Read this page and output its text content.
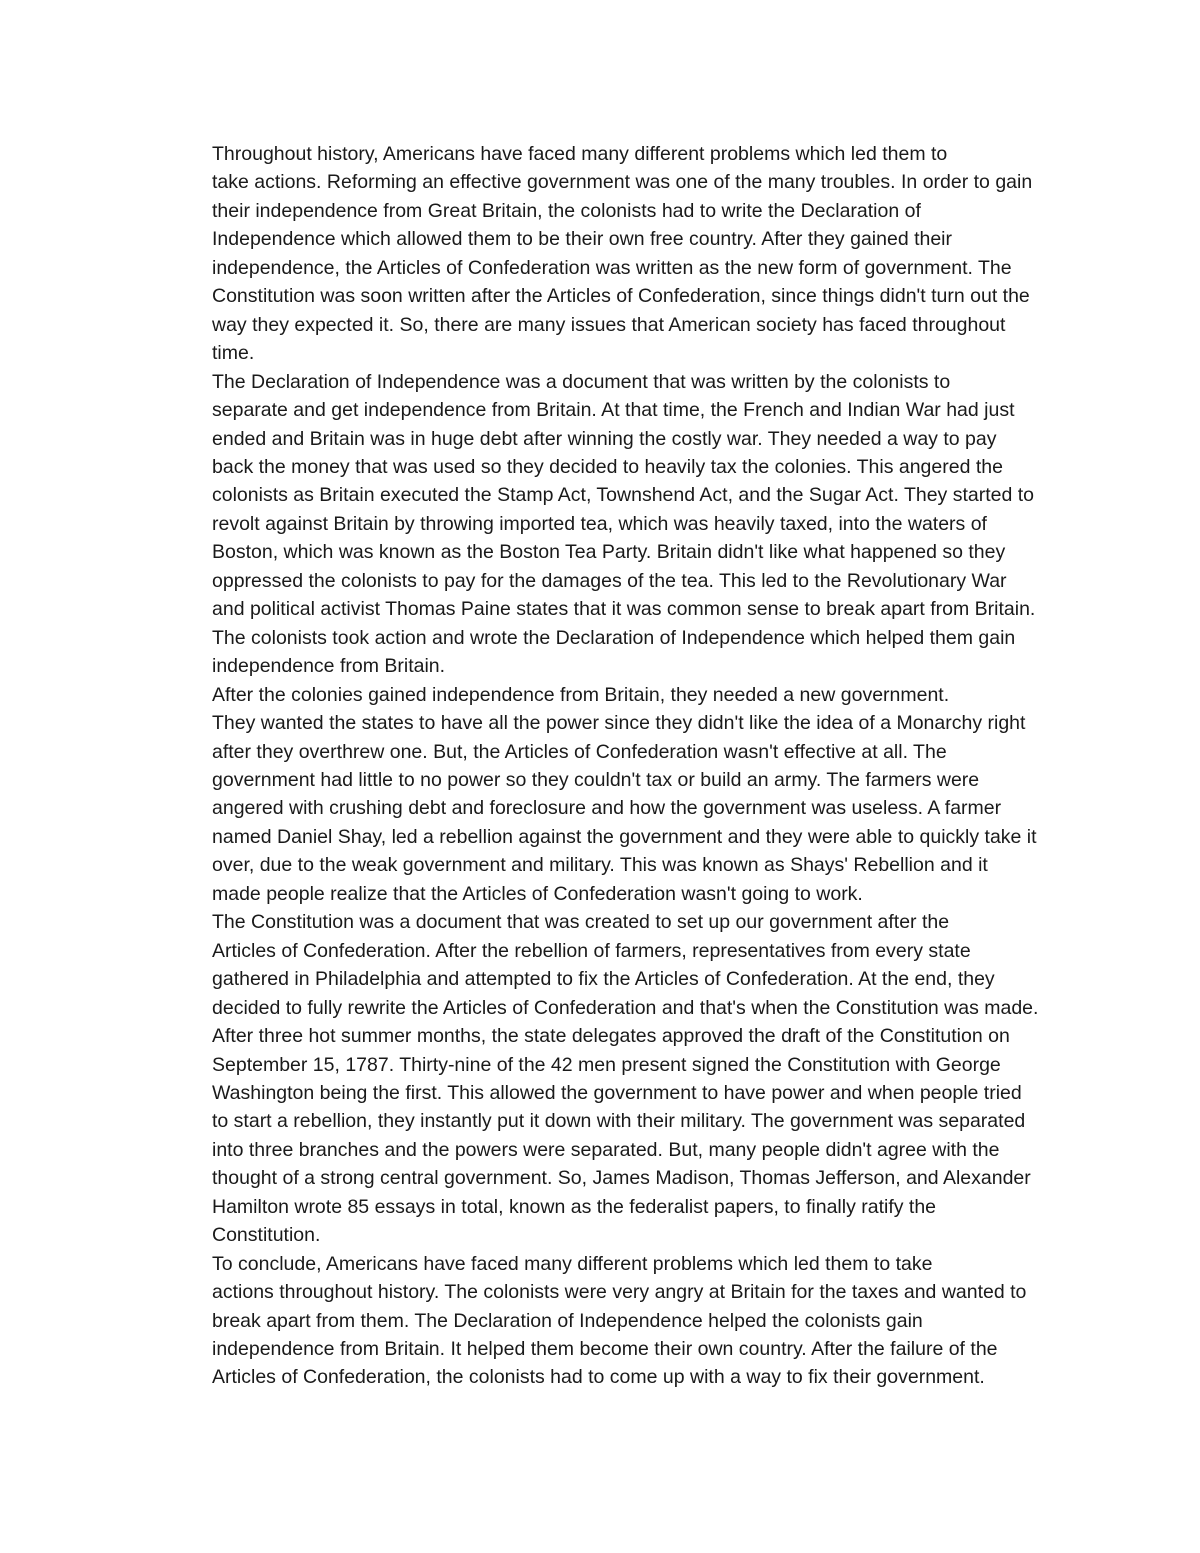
Throughout history, Americans have faced many different problems which led them to
take actions. Reforming an effective government was one of the many troubles. In order to gain
their independence from Great Britain, the colonists had to write the Declaration of
Independence which allowed them to be their own free country. After they gained their
independence, the Articles of Confederation was written as the new form of government. The
Constitution was soon written after the Articles of Confederation, since things didn't turn out the
way they expected it. So, there are many issues that American society has faced throughout
time.

The Declaration of Independence was a document that was written by the colonists to
separate and get independence from Britain. At that time, the French and Indian War had just
ended and Britain was in huge debt after winning the costly war. They needed a way to pay
back the money that was used so they decided to heavily tax the colonies. This angered the
colonists as Britain executed the Stamp Act, Townshend Act, and the Sugar Act. They started to
revolt against Britain by throwing imported tea, which was heavily taxed, into the waters of
Boston, which was known as the Boston Tea Party. Britain didn't like what happened so they
oppressed the colonists to pay for the damages of the tea. This led to the Revolutionary War
and political activist Thomas Paine states that it was common sense to break apart from Britain.
The colonists took action and wrote the Declaration of Independence which helped them gain
independence from Britain.

After the colonies gained independence from Britain, they needed a new government.
They wanted the states to have all the power since they didn't like the idea of a Monarchy right
after they overthrew one. But, the Articles of Confederation wasn't effective at all. The
government had little to no power so they couldn't tax or build an army. The farmers were
angered with crushing debt and foreclosure and how the government was useless. A farmer
named Daniel Shay, led a rebellion against the government and they were able to quickly take it
over, due to the weak government and military. This was known as Shays' Rebellion and it
made people realize that the Articles of Confederation wasn't going to work.

The Constitution was a document that was created to set up our government after the
Articles of Confederation. After the rebellion of farmers, representatives from every state
gathered in Philadelphia and attempted to fix the Articles of Confederation. At the end, they
decided to fully rewrite the Articles of Confederation and that's when the Constitution was made.
After three hot summer months, the state delegates approved the draft of the Constitution on
September 15, 1787. Thirty-nine of the 42 men present signed the Constitution with George
Washington being the first. This allowed the government to have power and when people tried
to start a rebellion, they instantly put it down with their military. The government was separated
into three branches and the powers were separated. But, many people didn't agree with the
thought of a strong central government. So, James Madison, Thomas Jefferson, and Alexander
Hamilton wrote 85 essays in total, known as the federalist papers, to finally ratify the
Constitution.

To conclude, Americans have faced many different problems which led them to take
actions throughout history. The colonists were very angry at Britain for the taxes and wanted to
break apart from them. The Declaration of Independence helped the colonists gain
independence from Britain. It helped them become their own country. After the failure of the
Articles of Confederation, the colonists had to come up with a way to fix their government.
